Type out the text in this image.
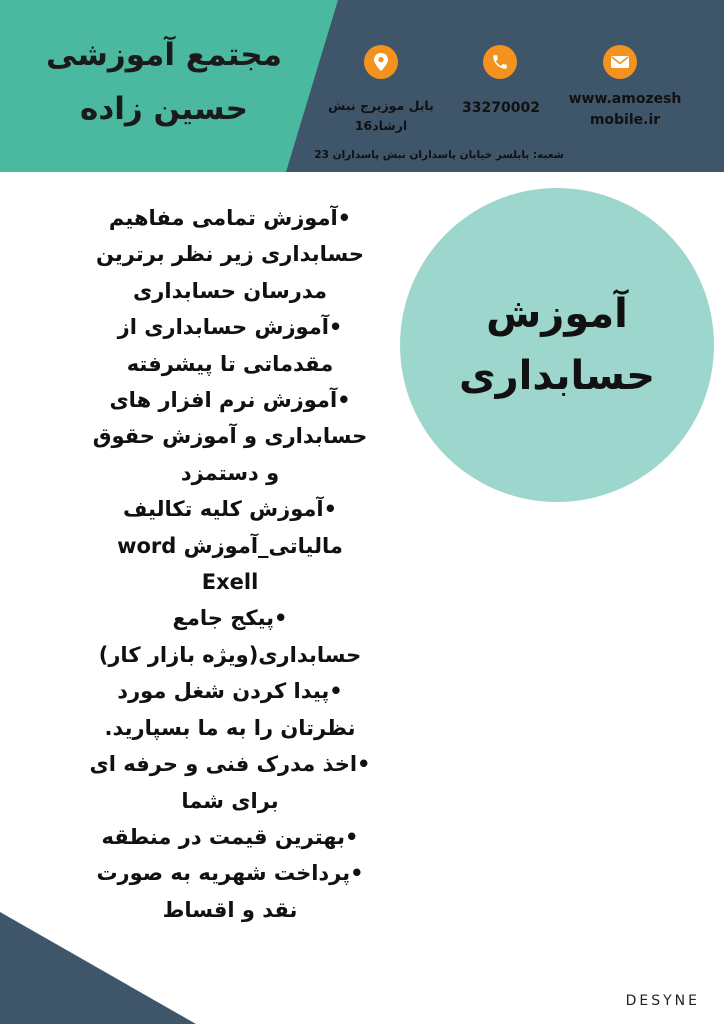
مجتمع آموزشی
حسین زاده	بابل موزیرج نبش
ارشاد16
33270002
www.amozesh
mobile.ir
شعبه: بابلسر خیابان پاسداران نبش پاسداران 23
آموزش
حسابداری
•آموزش تمامی مفاهیم
حسابداری زیر نظر برترین
مدرسان حسابداری
•آموزش حسابداری از
مقدماتی تا پیشرفته
•آموزش نرم افزار های
حسابداری و آموزش حقوق
و دستمزد
•آموزش کلیه تکالیف
مالیاتی_آموزش word
Exell
•پیکج جامع
حسابداری(ویژه بازار کار)
•پیدا کردن شغل مورد
نظرتان را به ما بسپارید.
•اخذ مدرک فنی و حرفه ای
برای شما
•بهترین قیمت در منطقه
•پرداخت شهریه به صورت
نقد و اقساط
DESYNE
